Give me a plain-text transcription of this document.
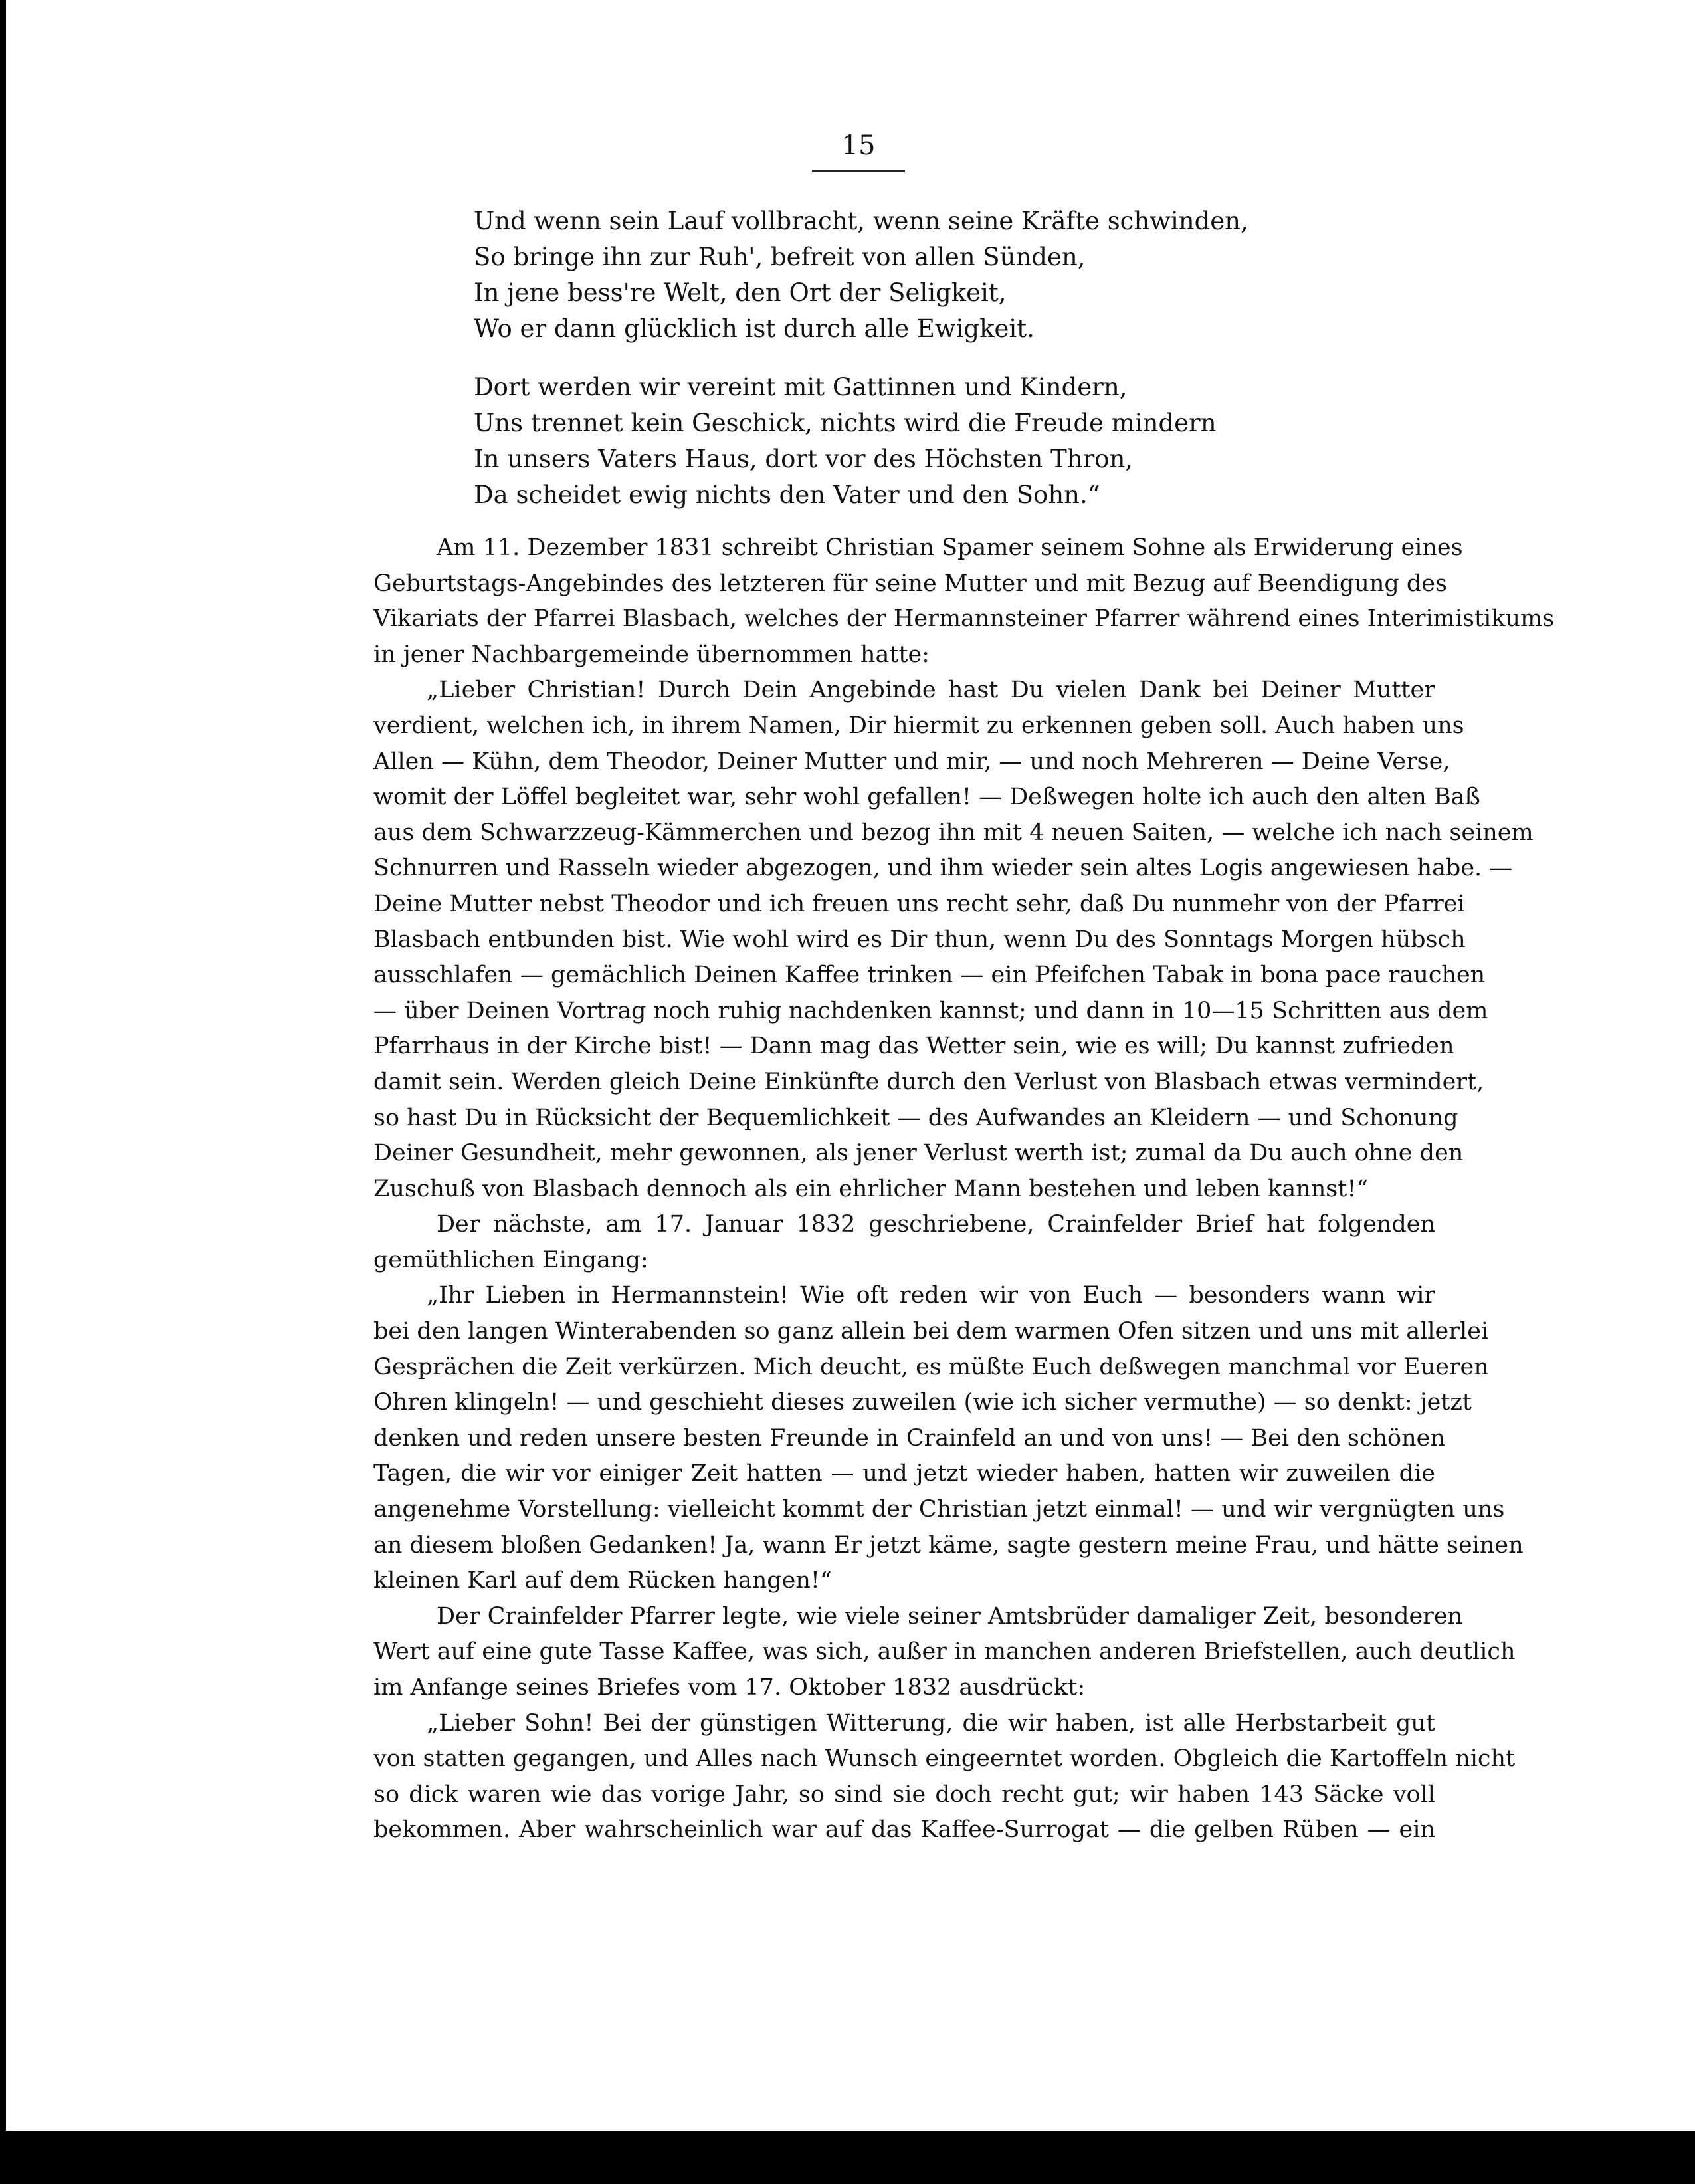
15
Und wenn sein Lauf vollbracht, wenn seine Kräfte schwinden,
So bringe ihn zur Ruh', befreit von allen Sünden,
In jene bess're Welt, den Ort der Seligkeit,
Wo er dann glücklich ist durch alle Ewigkeit.
Dort werden wir vereint mit Gattinnen und Kindern,
Uns trennet kein Geschick, nichts wird die Freude mindern
In unsers Vaters Haus, dort vor des Höchsten Thron,
Da scheidet ewig nichts den Vater und den Sohn.“
Am 11. Dezember 1831 schreibt Christian Spamer seinem Sohne als Erwiderung eines
Geburtstags-Angebindes des letzteren für seine Mutter und mit Bezug auf Beendigung des
Vikariats der Pfarrei Blasbach, welches der Hermannsteiner Pfarrer während eines Interimistikums
in jener Nachbargemeinde übernommen hatte:
„Lieber Christian! Durch Dein Angebinde hast Du vielen Dank bei Deiner Mutter
verdient, welchen ich, in ihrem Namen, Dir hiermit zu erkennen geben soll. Auch haben uns
Allen — Kühn, dem Theodor, Deiner Mutter und mir, — und noch Mehreren — Deine Verse,
womit der Löffel begleitet war, sehr wohl gefallen! — Deßwegen holte ich auch den alten Baß
aus dem Schwarzzeug-Kämmerchen und bezog ihn mit 4 neuen Saiten, — welche ich nach seinem
Schnurren und Rasseln wieder abgezogen, und ihm wieder sein altes Logis angewiesen habe. —
Deine Mutter nebst Theodor und ich freuen uns recht sehr, daß Du nunmehr von der Pfarrei
Blasbach entbunden bist. Wie wohl wird es Dir thun, wenn Du des Sonntags Morgen hübsch
ausschlafen — gemächlich Deinen Kaffee trinken — ein Pfeifchen Tabak in bona pace rauchen
— über Deinen Vortrag noch ruhig nachdenken kannst; und dann in 10—15 Schritten aus dem
Pfarrhaus in der Kirche bist! — Dann mag das Wetter sein, wie es will; Du kannst zufrieden
damit sein. Werden gleich Deine Einkünfte durch den Verlust von Blasbach etwas vermindert,
so hast Du in Rücksicht der Bequemlichkeit — des Aufwandes an Kleidern — und Schonung
Deiner Gesundheit, mehr gewonnen, als jener Verlust werth ist; zumal da Du auch ohne den
Zuschuß von Blasbach dennoch als ein ehrlicher Mann bestehen und leben kannst!“
Der nächste, am 17. Januar 1832 geschriebene, Crainfelder Brief hat folgenden
gemüthlichen Eingang:
„Ihr Lieben in Hermannstein! Wie oft reden wir von Euch — besonders wann wir
bei den langen Winterabenden so ganz allein bei dem warmen Ofen sitzen und uns mit allerlei
Gesprächen die Zeit verkürzen. Mich deucht, es müßte Euch deßwegen manchmal vor Eueren
Ohren klingeln! — und geschieht dieses zuweilen (wie ich sicher vermuthe) — so denkt: jetzt
denken und reden unsere besten Freunde in Crainfeld an und von uns! — Bei den schönen
Tagen, die wir vor einiger Zeit hatten — und jetzt wieder haben, hatten wir zuweilen die
angenehme Vorstellung: vielleicht kommt der Christian jetzt einmal! — und wir vergnügten uns
an diesem bloßen Gedanken! Ja, wann Er jetzt käme, sagte gestern meine Frau, und hätte seinen
kleinen Karl auf dem Rücken hangen!“
Der Crainfelder Pfarrer legte, wie viele seiner Amtsbrüder damaliger Zeit, besonderen
Wert auf eine gute Tasse Kaffee, was sich, außer in manchen anderen Briefstellen, auch deutlich
im Anfange seines Briefes vom 17. Oktober 1832 ausdrückt:
„Lieber Sohn! Bei der günstigen Witterung, die wir haben, ist alle Herbstarbeit gut
von statten gegangen, und Alles nach Wunsch eingeerntet worden. Obgleich die Kartoffeln nicht
so dick waren wie das vorige Jahr, so sind sie doch recht gut; wir haben 143 Säcke voll
bekommen. Aber wahrscheinlich war auf das Kaffee-Surrogat — die gelben Rüben — ein
